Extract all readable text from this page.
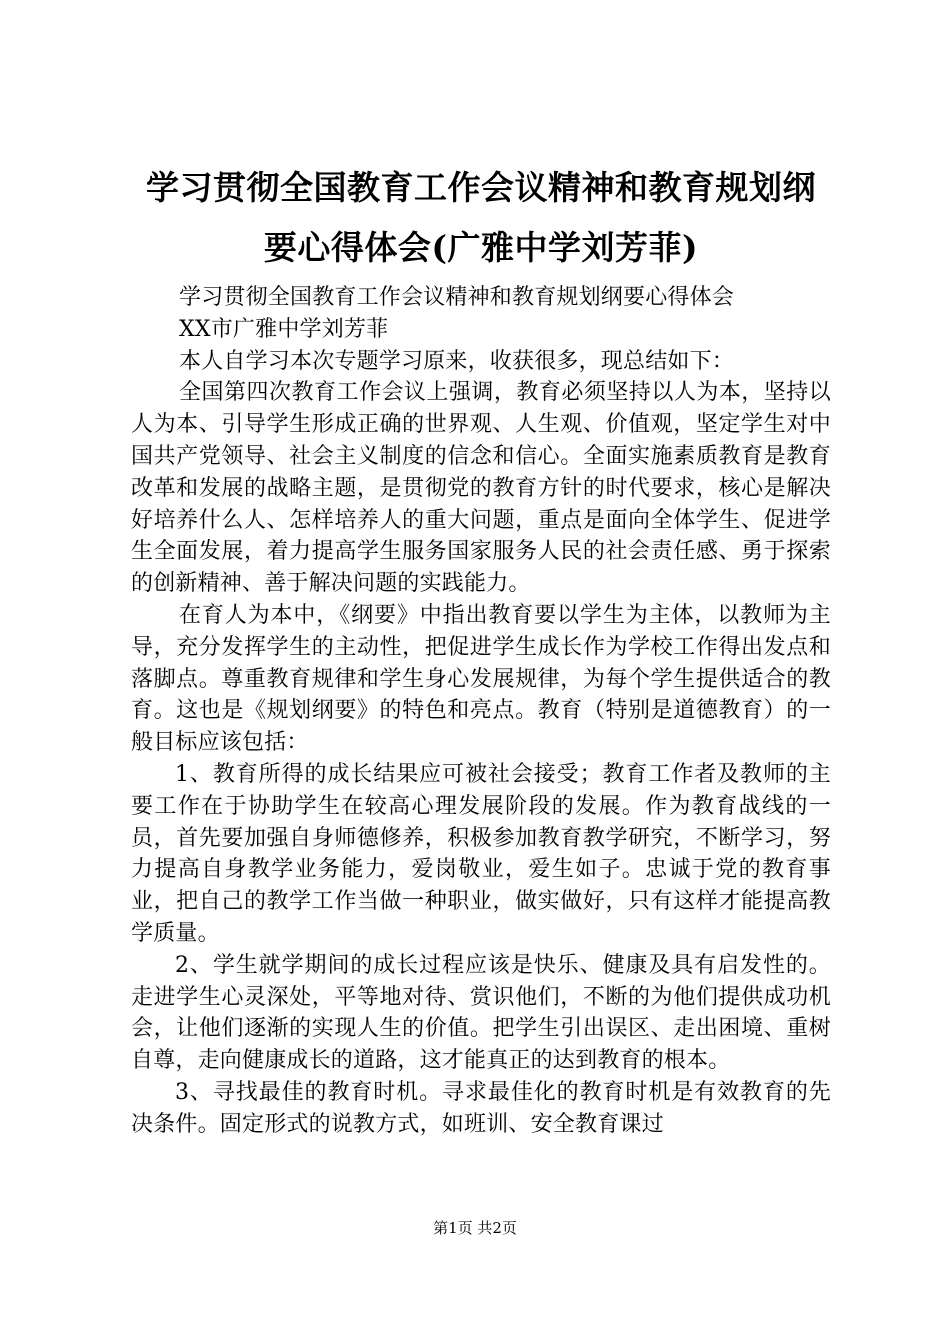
学习贯彻全国教育工作会议精神和教育规划纲
要心得体会(广雅中学刘芳菲)

学习贯彻全国教育工作会议精神和教育规划纲要心得体会

XX市广雅中学刘芳菲

本人自学习本次专题学习原来，收获很多，现总结如下：

全国第四次教育工作会议上强调，教育必须坚持以人为本，坚持以人为本、引导学生形成正确的世界观、人生观、价值观，坚定学生对中国共产党领导、社会主义制度的信念和信心。全面实施素质教育是教育改革和发展的战略主题，是贯彻党的教育方针的时代要求，核心是解决好培养什么人、怎样培养人的重大问题，重点是面向全体学生、促进学生全面发展，着力提高学生服务国家服务人民的社会责任感、勇于探索的创新精神、善于解决问题的实践能力。

在育人为本中，《纲要》中指出教育要以学生为主体，以教师为主导，充分发挥学生的主动性，把促进学生成长作为学校工作得出发点和落脚点。尊重教育规律和学生身心发展规律，为每个学生提供适合的教育。这也是《规划纲要》的特色和亮点。教育（特别是道德教育）的一般目标应该包括：

1、教育所得的成长结果应可被社会接受；教育工作者及教师的主要工作在于协助学生在较高心理发展阶段的发展。作为教育战线的一员，首先要加强自身师德修养，积极参加教育教学研究，不断学习，努力提高自身教学业务能力，爱岗敬业，爱生如子。忠诚于党的教育事业，把自己的教学工作当做一种职业，做实做好，只有这样才能提高教学质量。

2、学生就学期间的成长过程应该是快乐、健康及具有启发性的。走进学生心灵深处，平等地对待、赏识他们，不断的为他们提供成功机会，让他们逐渐的实现人生的价值。把学生引出误区、走出困境、重树自尊，走向健康成长的道路，这才能真正的达到教育的根本。

3、寻找最佳的教育时机。寻求最佳化的教育时机是有效教育的先决条件。固定形式的说教方式，如班训、安全教育课过

第1页 共2页
